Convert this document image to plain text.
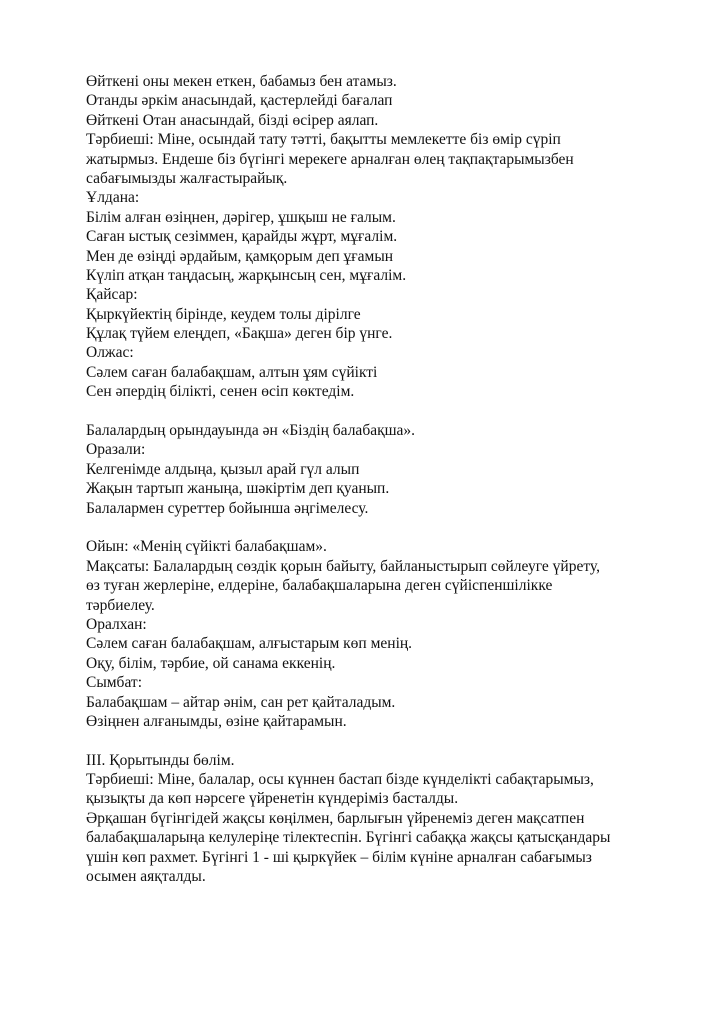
Өйткені оны мекен еткен, бабамыз бен атамыз.
Отанды әркім анасындай, қастерлейді бағалап
Өйткені Отан анасындай, бізді өсірер аялап.
Тәрбиеші: Міне, осындай тату тәтті, бақытты мемлекетте біз өмір сүріп
жатырмыз. Ендеше біз бүгінгі мерекеге арналған өлең тақпақтарымызбен
сабағымызды жалғастырайық.
Ұлдана:
Білім алған өзіңнен, дәрігер, ұшқыш не ғалым.
Саған ыстық сезіммен, қарайды жұрт, мұғалім.
Мен де өзіңді әрдайым, қамқорым деп ұғамын
Күліп атқан таңдасың, жарқынсың сен, мұғалім.
Қайсар:
Қыркүйектің бірінде, кеудем толы дірілге
Құлақ түйем елеңдеп, «Бақша» деген бір үнге.
Олжас:
Сәлем саған балабақшам, алтын ұям сүйікті
Сен әпердің білікті, сенен өсіп көктедім.
Балалардың орындауында ән «Біздің балабақша».
Оразали:
Келгенімде алдыңа, қызыл арай гүл алып
Жақын тартып жаныңа, шәкіртім деп қуанып.
Балалармен суреттер бойынша әңгімелесу.
Ойын: «Менің сүйікті балабақшам».
Мақсаты: Балалардың сөздік қорын байыту, байланыстырып сөйлеуге үйрету,
өз туған жерлеріне, елдеріне, балабақшаларына деген сүйіспеншілікке
тәрбиелеу.
Оралхан:
Сәлем саған балабақшам, алғыстарым көп менің.
Оқу, білім, тәрбие, ой санама еккенің.
Сымбат:
Балабақшам – айтар әнім, сан рет қайталадым.
Өзіңнен алғанымды, өзіне қайтарамын.
III. Қорытынды бөлім.
Тәрбиеші: Міне, балалар, осы күннен бастап бізде күнделікті сабақтарымыз,
қызықты да көп нәрсеге үйренетін күндеріміз басталды.
Әрқашан бүгінгідей жақсы көңілмен, барлығын үйренеміз деген мақсатпен
балабақшаларыңа келулеріңе тілектеспін. Бүгінгі сабаққа жақсы қатысқандары
үшін көп рахмет. Бүгінгі 1 - ші қыркүйек – білім күніне арналған сабағымыз
осымен аяқталды.
